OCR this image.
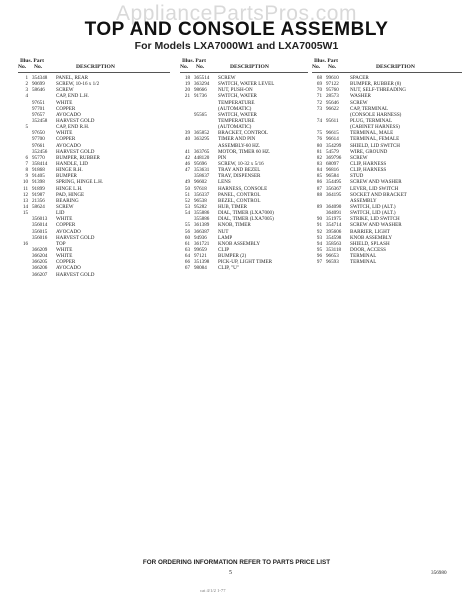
AppliancePartsPros.com
TOP AND CONSOLE ASSEMBLY
For Models LXA7000W1 and LXA7005W1
Illus. Part
No. No.	DESCRIPTION
1 354348 PANEL, REAR
2 90699 SCREW, 10-16 x 1/2
3 58646 SCREW
4	CAP, END L.H.
97651 WHITE
97701 COPPER
97657 AVOCADO
352458 HARVEST GOLD
5	CAP, END R.H.
97650 WHITE
97700 COPPER
97661 AVOCADO
352456 HARVEST GOLD
6 95770 BUMPER, RUBBER
7 358414 HANDLE, LID
8 91868 HINGE R.H.
9 91405 BUMPER
10 91398 SPRING, HINGE L.H.
11 91899 HINGE L.H.
12 91987 PAD, HINGE
13 21356 BEARING
14 58624 SCREW
15	LID
356013 WHITE
356014 COPPER
356015 AVOCADO
356016 HARVEST GOLD
16	TOP
366209 WHITE
366204 WHITE
366205 COPPER
366206 AVOCADO
366207 HARVEST GOLD
Illus. Part
No. No.	DESCRIPTION
18 365514 SCREW
19 363294 SWITCH, WATER LEVEL
20 98666 NUT, PUSH-ON
21 91736 SWITCH, WATER
TEMPERATURE
(AUTOMATIC)
95565 SWITCH, WATER
TEMPERATURE
(AUTOMATIC)
39 365852 BRACKET, CONTROL
40 363295 TIMER AND PIN
ASSEMBLY-60 HZ.
41 363765 MOTOR, TIMER 60 HZ.
42 448120 PIN
46 95696 SCREW, 10-32 x 5/16
47 353631 TRAY AND BEZEL
358637 TRAY, DISPENSER
49 96602 LENS
50 97618 HARNESS, CONSOLE
51 356337 PANEL, CONTROL
52 96538 BEZEL, CONTROL
53 95282 HUB, TIMER
54 355886 DIAL, TIMER (LXA7000)
355886 DIAL, TIMER (LXA7005)
55 361389 KNOB, TIMER
56 366387 NUT
60 94936 LAMP
61 361721 KNOB ASSEMBLY
63 99659 CLIP
64 97121 BUMPER (2)
66 351398 PICK-UP, LIGHT TIMER
67 98084 CLIP, "U"
Illus. Part
No. No.	DESCRIPTION
68 99610 SPACER
69 97122 BUMPER, RUBBER (8)
70 95760 NUT, SELF-THREADING
71 28573 WASHER
72 95646 SCREW
73 96622 CAP, TERMINAL
(CONSOLE HARNESS)
74 95611 PLUG, TERMINAL
(CABINET HARNESS)
75 96615 TERMINAL, MALE
76 96614 TERMINAL, FEMALE
80 354299 SHIELD, LID SWITCH
81 54579 WIRE, GROUND
82 369796 SCREW
83 68097 CLIP, HARNESS
84 96816 CLIP, HARNESS
85 96584 STUD
86 354495 SCREW AND WASHER
87 356367 LEVER, LID SWITCH
88 364195 SOCKET AND BRACKET
ASSEMBLY
89 364090 SWITCH, LID (ALT.)
364091 SWITCH, LID (ALT.)
90 351975 STRIKE, LID SWITCH
91 354714 SCREW AND WASHER
92 395606 BARRIER, LIGHT
93 354598 KNOB ASSEMBLY
94 358563 SHIELD, SPLASH
95 353118 DOOR, ACCESS
96 96653 TERMINAL
97 96593 TERMINAL
FOR ORDERING INFORMATION REFER TO PARTS PRICE LIST
5	356980
cat 4/1/2 1-77
